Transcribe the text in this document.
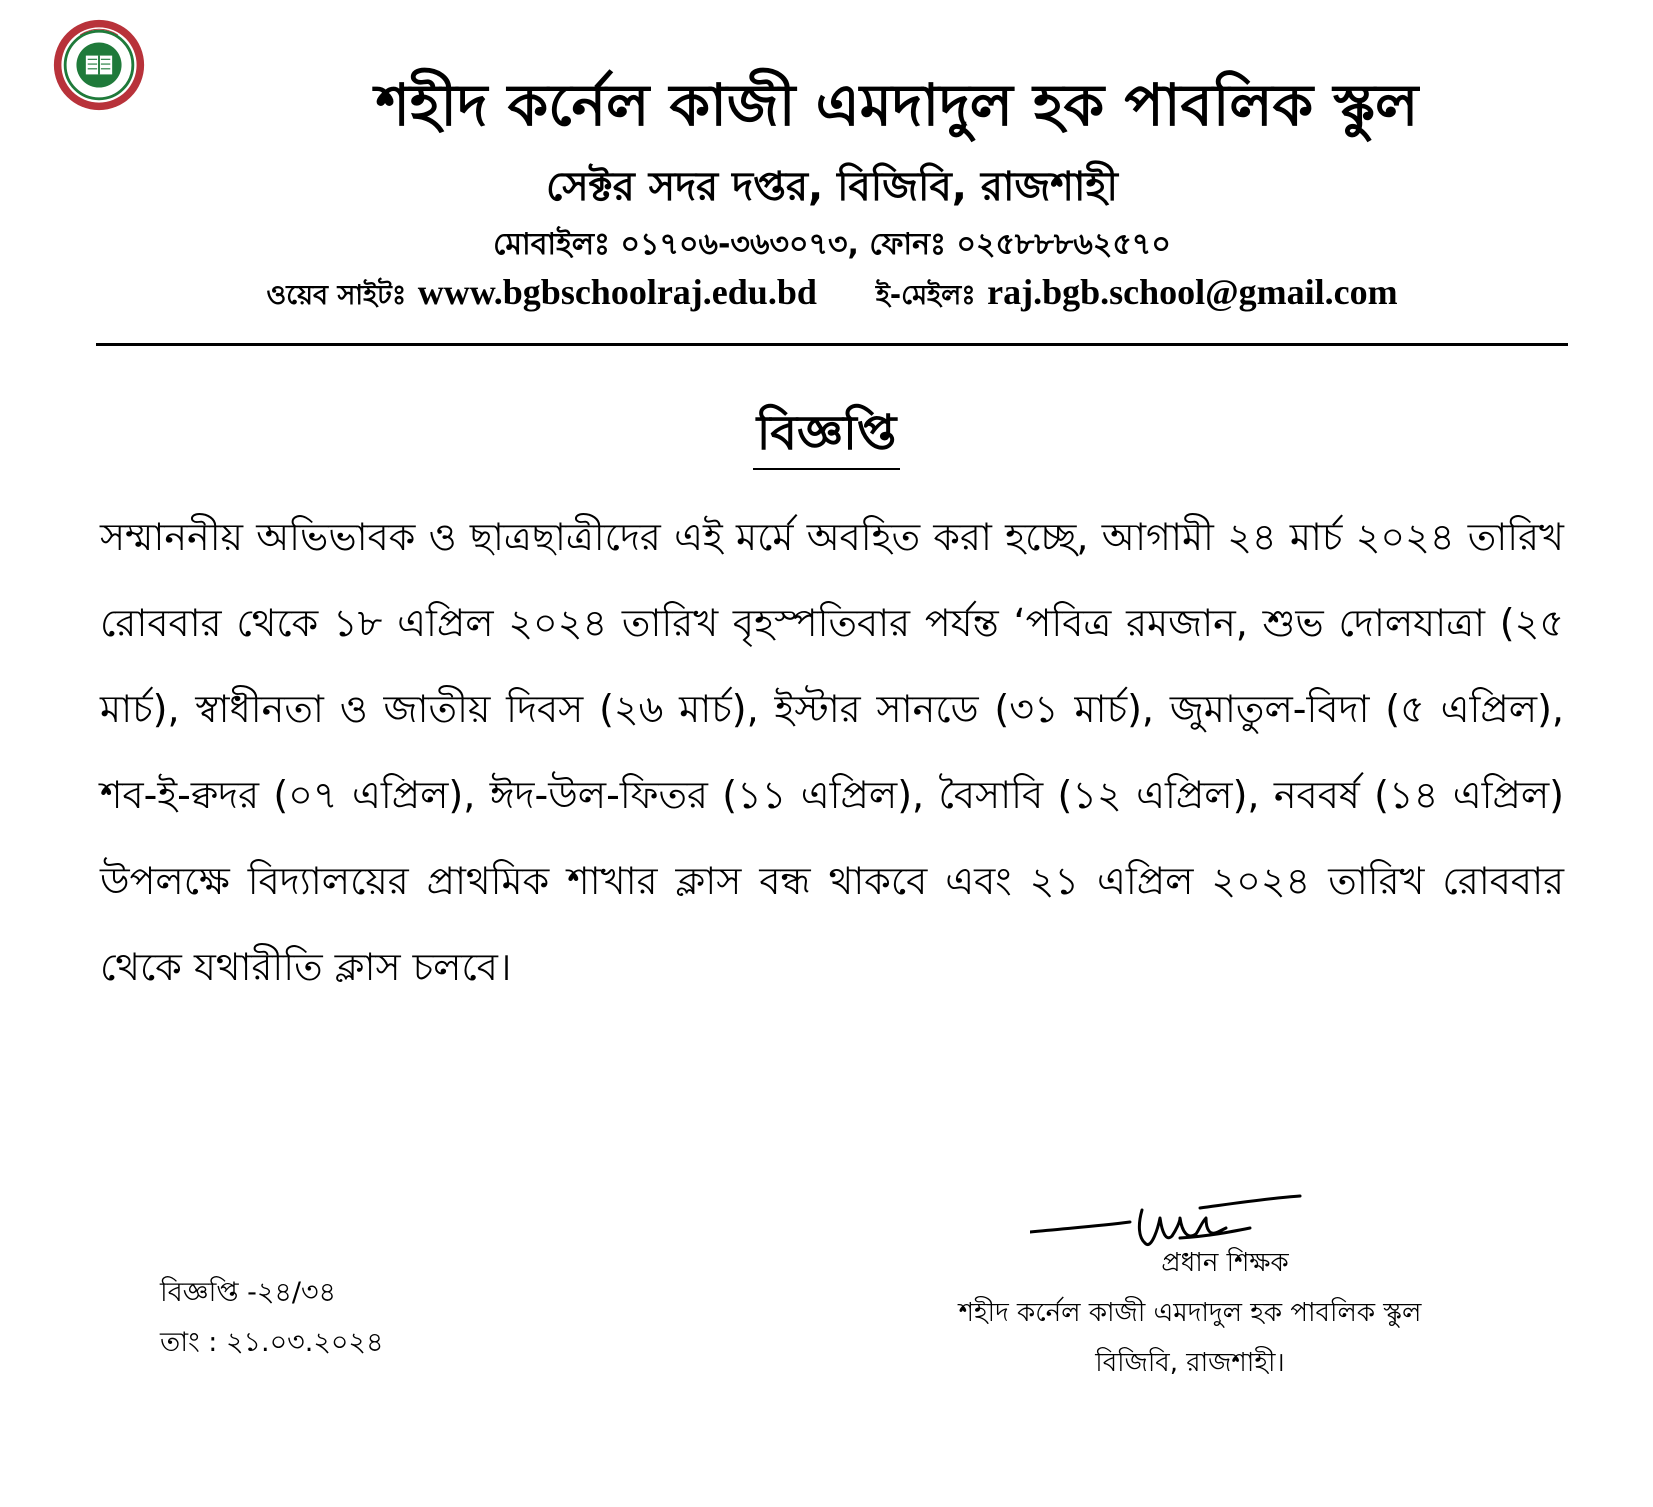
শহীদ কর্নেল কাজী এমদাদুল হক পাবলিক স্কুল
সেক্টর সদর দপ্তর, বিজিবি, রাজশাহী
মোবাইলঃ ০১৭০৬-৩৬৩০৭৩, ফোনঃ ০২৫৮৮৮৬২৫৭০
ওয়েব সাইটঃ www.bgbschoolraj.edu.bd ই-মেইলঃ raj.bgb.school@gmail.com
বিজ্ঞপ্তি
সম্মাননীয় অভিভাবক ও ছাত্রছাত্রীদের এই মর্মে অবহিত করা হচ্ছে, আগামী ২৪ মার্চ ২০২৪ তারিখ রোববার থেকে ১৮ এপ্রিল ২০২৪ তারিখ বৃহস্পতিবার পর্যন্ত ‘পবিত্র রমজান, শুভ দোলযাত্রা (২৫ মার্চ), স্বাধীনতা ও জাতীয় দিবস (২৬ মার্চ), ইস্টার সানডে (৩১ মার্চ), জুমাতুল-বিদা (৫ এপ্রিল), শব-ই-ক্বদর (০৭ এপ্রিল), ঈদ-উল-ফিতর (১১ এপ্রিল), বৈসাবি (১২ এপ্রিল), নববর্ষ (১৪ এপ্রিল) উপলক্ষে বিদ্যালয়ের প্রাথমিক শাখার ক্লাস বন্ধ থাকবে এবং ২১ এপ্রিল ২০২৪ তারিখ রোববার থেকে যথারীতি ক্লাস চলবে।
বিজ্ঞপ্তি -২৪/৩৪
তাং : ২১.০৩.২০২৪
প্রধান শিক্ষক
শহীদ কর্নেল কাজী এমদাদুল হক পাবলিক স্কুল
বিজিবি, রাজশাহী।
